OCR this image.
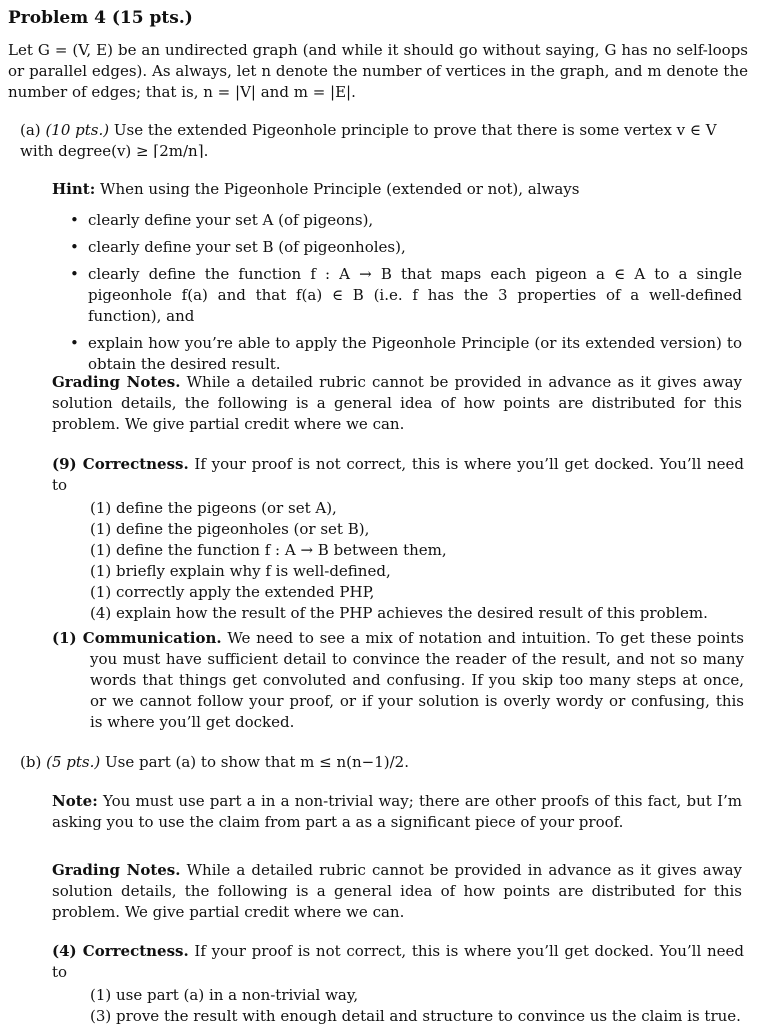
Problem 4 (15 pts.)
Let G = (V, E) be an undirected graph (and while it should go without saying, G has no self-loops or parallel edges). As always, let n denote the number of vertices in the graph, and m denote the number of edges; that is, n = |V| and m = |E|.
(a) (10 pts.) Use the extended Pigeonhole principle to prove that there is some vertex v ∈ V with degree(v) ≥ ⌈2m/n⌉.
Hint: When using the Pigeonhole Principle (extended or not), always
• clearly define your set A (of pigeons),
• clearly define your set B (of pigeonholes),
• clearly define the function f : A → B that maps each pigeon a ∈ A to a single pigeonhole f(a) and that f(a) ∈ B (i.e. f has the 3 properties of a well-defined function), and
• explain how you’re able to apply the Pigeonhole Principle (or its extended version) to obtain the desired result.
Grading Notes. While a detailed rubric cannot be provided in advance as it gives away solution details, the following is a general idea of how points are distributed for this problem. We give partial credit where we can.
(9) Correctness. If your proof is not correct, this is where you’ll get docked. You’ll need to
(1) define the pigeons (or set A),
(1) define the pigeonholes (or set B),
(1) define the function f : A → B between them,
(1) briefly explain why f is well-defined,
(1) correctly apply the extended PHP,
(4) explain how the result of the PHP achieves the desired result of this problem.
(1) Communication. We need to see a mix of notation and intuition. To get these points you must have sufficient detail to convince the reader of the result, and not so many words that things get convoluted and confusing. If you skip too many steps at once, or we cannot follow your proof, or if your solution is overly wordy or confusing, this is where you’ll get docked.
(b) (5 pts.) Use part (a) to show that m ≤ n(n−1)/2.
Note: You must use part a in a non-trivial way; there are other proofs of this fact, but I’m asking you to use the claim from part a as a significant piece of your proof.
Grading Notes. While a detailed rubric cannot be provided in advance as it gives away solution details, the following is a general idea of how points are distributed for this problem. We give partial credit where we can.
(4) Correctness. If your proof is not correct, this is where you’ll get docked. You’ll need to
(1) use part (a) in a non-trivial way,
(3) prove the result with enough detail and structure to convince us the claim is true.
